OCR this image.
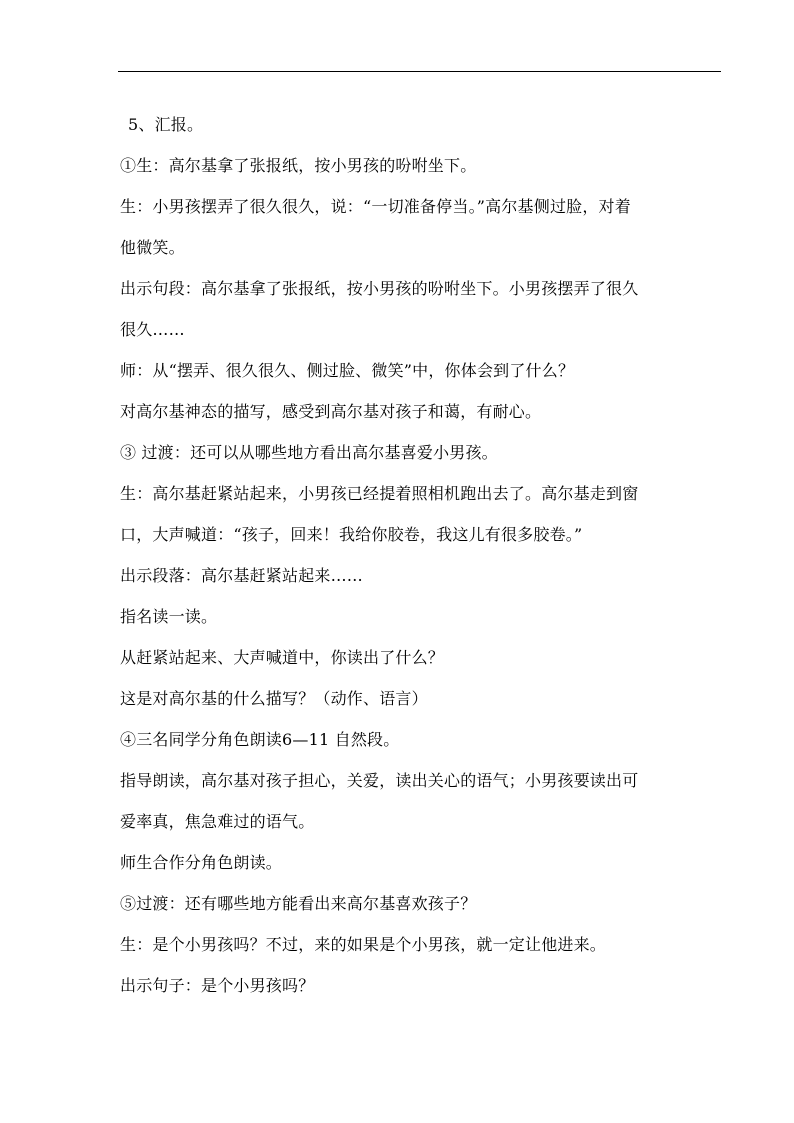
5、汇报。
①生：高尔基拿了张报纸，按小男孩的吩咐坐下。
生：小男孩摆弄了很久很久，说：“一切准备停当。”高尔基侧过脸，对着
他微笑。
出示句段：高尔基拿了张报纸，按小男孩的吩咐坐下。小男孩摆弄了很久
很久……
师：从“摆弄、很久很久、侧过脸、微笑”中，你体会到了什么？
对高尔基神态的描写，感受到高尔基对孩子和蔼，有耐心。
③ 过渡：还可以从哪些地方看出高尔基喜爱小男孩。
生：高尔基赶紧站起来，小男孩已经提着照相机跑出去了。高尔基走到窗
口，大声喊道：“孩子，回来！我给你胶卷，我这儿有很多胶卷。”
出示段落：高尔基赶紧站起来……
指名读一读。
从赶紧站起来、大声喊道中，你读出了什么？
这是对高尔基的什么描写？（动作、语言）
④三名同学分角色朗读6—11 自然段。
指导朗读，高尔基对孩子担心，关爱，读出关心的语气；小男孩要读出可
爱率真，焦急难过的语气。
师生合作分角色朗读。
⑤过渡：还有哪些地方能看出来高尔基喜欢孩子？
生：是个小男孩吗？不过，来的如果是个小男孩，就一定让他进来。
出示句子：是个小男孩吗？
